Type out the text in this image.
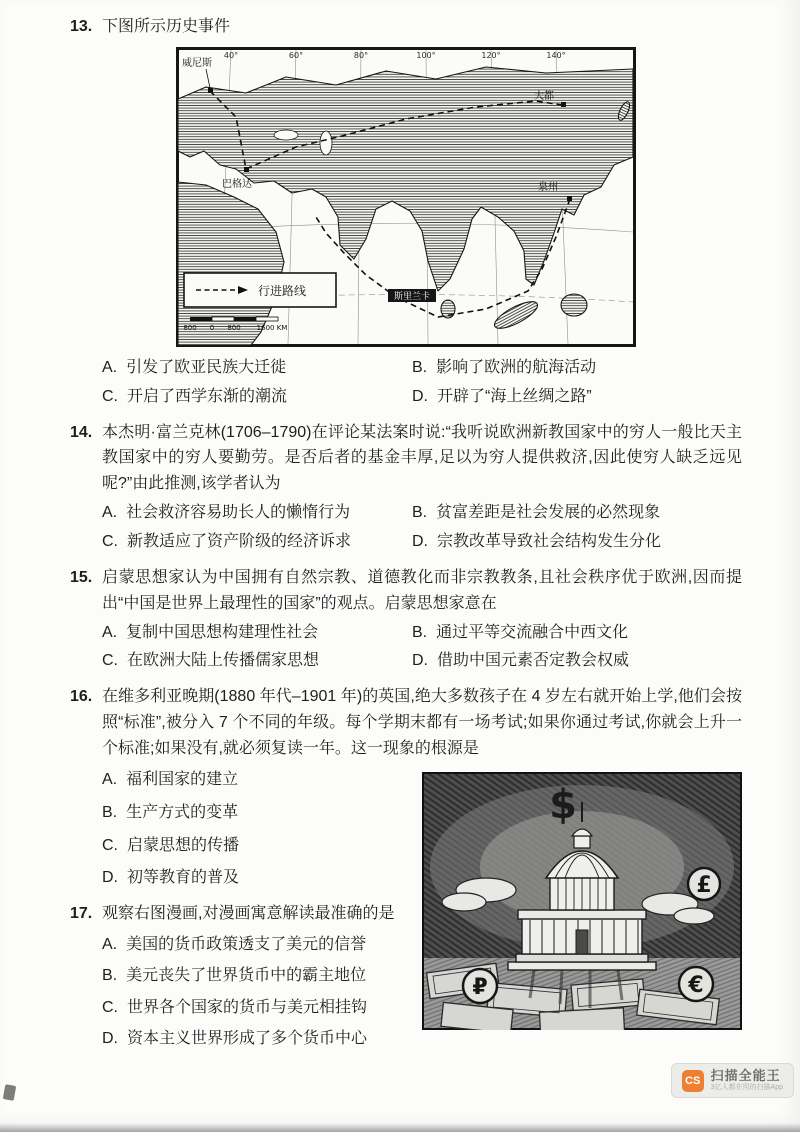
13. 下图所示历史事件
40°	60°	80°	100°	120°	140°
威尼斯
大都
巴格达	泉州
斯里兰卡
行进路线
800 0 800 1600 KM
A. 引发了欧亚民族大迁徙	B. 影响了欧洲的航海活动
C. 开启了西学东渐的潮流	D. 开辟了“海上丝绸之路”
14. 本杰明·富兰克林(1706–1790)在评论某法案时说:“我听说欧洲新教国家中的穷人一般比天主教国家中的穷人要勤劳。是否后者的基金丰厚,足以为穷人提供救济,因此使穷人缺乏远见呢?”由此推测,该学者认为
A. 社会救济容易助长人的懒惰行为	B. 贫富差距是社会发展的必然现象
C. 新教适应了资产阶级的经济诉求	D. 宗教改革导致社会结构发生分化
15. 启蒙思想家认为中国拥有自然宗教、道德教化而非宗教教条,且社会秩序优于欧洲,因而提出“中国是世界上最理性的国家”的观点。启蒙思想家意在
A. 复制中国思想构建理性社会	B. 通过平等交流融合中西文化
C. 在欧洲大陆上传播儒家思想	D. 借助中国元素否定教会权威
16. 在维多利亚晚期(1880 年代–1901 年)的英国,绝大多数孩子在 4 岁左右就开始上学,他们会按照“标准”,被分入 7 个不同的年级。每个学期末都有一场考试;如果你通过考试,你就会上升一个标准;如果没有,就必须复读一年。这一现象的根源是
A. 福利国家的建立
B. 生产方式的变革
C. 启蒙思想的传播
D. 初等教育的普及
17. 观察右图漫画,对漫画寓意解读最准确的是
A. 美国的货币政策透支了美元的信誉
B. 美元丧失了世界货币中的霸主地位
C. 世界各个国家的货币与美元相挂钩
D. 资本主义世界形成了多个货币中心
$
£
€
₽
CS 扫描全能王
3亿人都在用的扫描App
